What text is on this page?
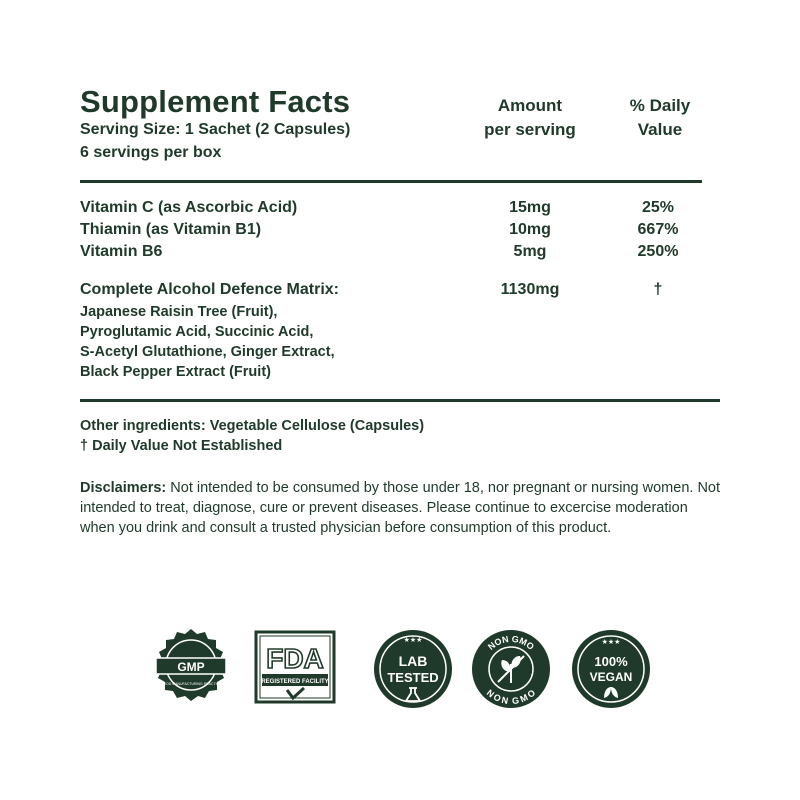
Supplement Facts
Serving Size: 1 Sachet (2 Capsules)
6 servings per box
Amount
per serving
% Daily
Value
Vitamin C (as Ascorbic Acid)	15mg	25%
Thiamin (as Vitamin B1)	10mg	667%
Vitamin B6	5mg	250%
Complete Alcohol Defence Matrix:	1130mg	†
Japanese Raisin Tree (Fruit),
Pyroglutamic Acid, Succinic Acid,
S-Acetyl Glutathione, Ginger Extract,
Black Pepper Extract (Fruit)
Other ingredients: Vegetable Cellulose (Capsules)
† Daily Value Not Established
Disclaimers: Not intended to be consumed by those under 18, nor pregnant or nursing women. Not intended to treat, diagnose, cure or prevent diseases. Please continue to excercise moderation when you drink and consult a trusted physician before consumption of this product.
GMP
GOOD MANUFACTURING PRACTICE
FDA
REGISTERED FACILITY
★★★
LAB
TESTED
NON GMO
NON GMO
★★★
100%
VEGAN
